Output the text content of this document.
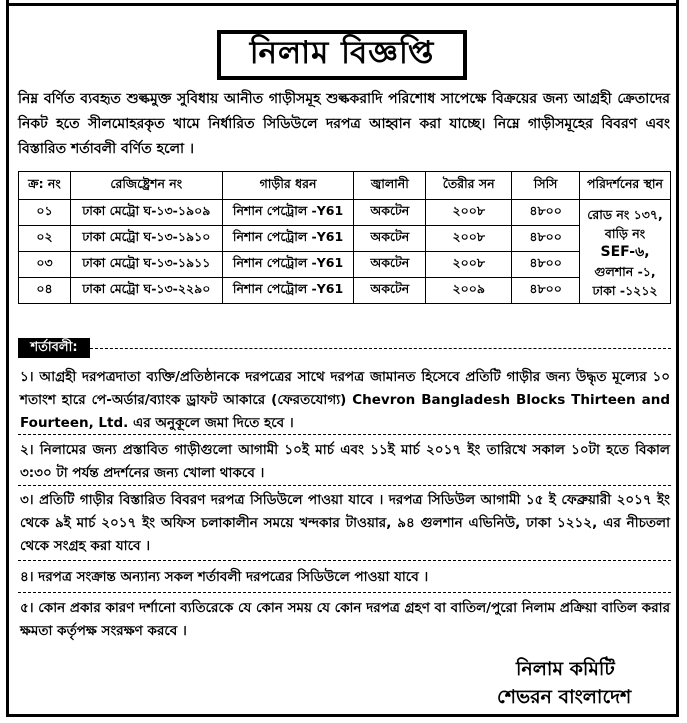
নিলাম বিজ্ঞপ্তি
নিম্ন বর্ণিত ব্যবহৃত শুল্কমুক্ত সুবিধায় আনীত গাড়ীসমূহ শুল্ককরাদি পরিশোধ সাপেক্ষে বিক্রয়ের জন্য আগ্রহী ক্রেতাদের নিকট হতে সীলমোহরকৃত খামে নির্ধারিত সিডিউলে দরপত্র আহ্বান করা যাচ্ছে। নিম্নে গাড়ীসমূহের বিবরণ এবং বিস্তারিত শর্তাবলী বর্ণিত হলো ।
ক্র: নং	রেজিষ্ট্রেশন নং	গাড়ীর ধরন	জ্বালানী	তৈরীর সন	সিসি	পরিদর্শনের স্থান
০১	ঢাকা মেট্রো ঘ-১৩-১৯০৯	নিশান পেট্রোল -Y61	অকটেন	২০০৮	৪৮০০	রোড নং ১৩৭,
বাড়ি নং
SEF-৬,
গুলশান -১,
ঢাকা -১২১২

০২	ঢাকা মেট্রো ঘ-১৩-১৯১০	নিশান পেট্রোল -Y61	অকটেন	২০০৮	৪৮০০	
০৩	ঢাকা মেট্রো ঘ-১৩-১৯১১	নিশান পেট্রোল -Y61	অকটেন	২০০৮	৪৮০০	
০৪	ঢাকা মেট্রো ঘ-১৩-২২৯০	নিশান পেট্রোল -Y61	অকটেন	২০০৯	৪৮০০	
শর্তাবলী:
১। আগ্রহী দরপত্রদাতা ব্যক্তি/প্রতিষ্ঠানকে দরপত্রের সাথে দরপত্র জামানত হিসেবে প্রতিটি গাড়ীর জন্য উদ্ধৃত মূল্যের ১০ শতাংশ হারে পে-অর্ডার/ব্যাংক ড্রাফট আকারে (ফেরতযোগ্য) Chevron Bangladesh Blocks Thirteen and Fourteen, Ltd. এর অনুকূলে জমা দিতে হবে ।
২। নিলামের জন্য প্রস্তাবিত গাড়ীগুলো আগামী ১০ই মার্চ এবং ১১ই মার্চ ২০১৭ ইং তারিখে সকাল ১০টা হতে বিকাল ৩:৩০ টা পর্যন্ত প্রদর্শনের জন্য খোলা থাকবে ।
৩। প্রতিটি গাড়ীর বিস্তারিত বিবরণ দরপত্র সিডিউলে পাওয়া যাবে । দরপত্র সিডিউল আগামী ১৫ ই ফেব্রুয়ারী ২০১৭ ইং থেকে ৯ই মার্চ ২০১৭ ইং অফিস চলাকালীন সময়ে খন্দকার টাওয়ার, ৯৪ গুলশান এভিনিউ, ঢাকা ১২১২, এর নীচতলা থেকে সংগ্রহ করা যাবে ।
৪। দরপত্র সংক্রান্ত অন্যান্য সকল শর্তাবলী দরপত্রের সিডিউলে পাওয়া যাবে ।
৫। কোন প্রকার কারণ দর্শানো ব্যতিরেকে যে কোন সময় যে কোন দরপত্র গ্রহণ বা বাতিল/পুরো নিলাম প্রক্রিয়া বাতিল করার ক্ষমতা কর্তৃপক্ষ সংরক্ষণ করবে ।
নিলাম কমিটি
শেভরন বাংলাদেশ
